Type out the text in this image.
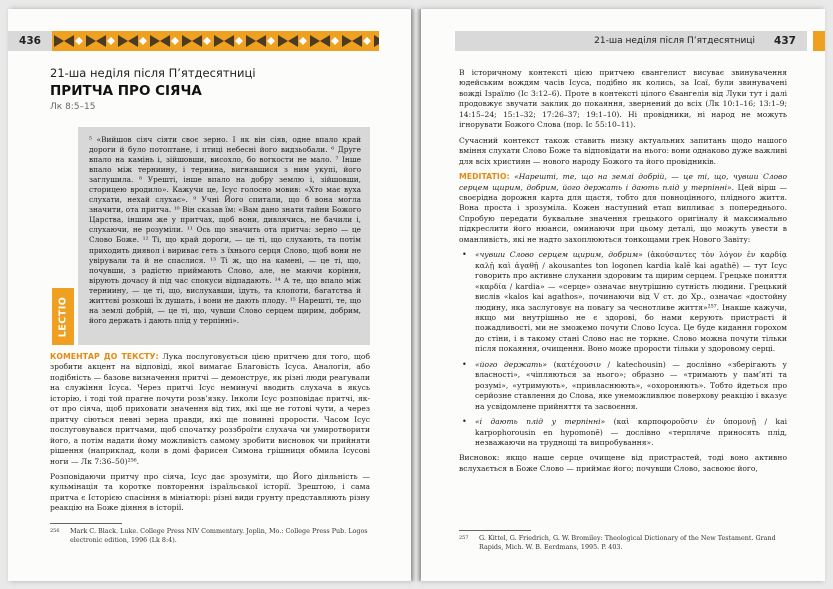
436
21-ша неділя після П’ятдесятниці
ПРИТЧА ПРО СІЯЧА
Лк 8:5–15

⁵ «Вийшов сіяч сіяти своє зерно. І як він сіяв, одне впало край дороги й було потоптане, і птиці небесні його видзьобали. ⁶ Друге впало на камінь і, зійшовши, висохло, бо вогкости не мало. ⁷ Інше впало між терниину, і тернина, вигнавшися з ним укупі, його заглушила. ⁸ Урешті, інше впало на добру землю і, зійшовши, сторицею вродило». Кажучи це, Ісус голосно мовив: «Хто має вуха слухати, нехай слухає». ⁹ Учні Його спитали, що б вона могла значити, ота притча. ¹⁰ Він сказав їм: «Вам дано знати тайни Божого Царства, іншим же у притчах, щоб вони, дивлячись, не бачили і, слухаючи, не розуміли. ¹¹ Ось що значить ота притча: зерно — це Слово Боже. ¹² Ті, що край дороги, — це ті, що слухають, та потім приходить диявол і вириває геть з їхнього серця Слово, щоб вони не увірували та й не спаслися. ¹³ Ті ж, що на камені, — це ті, що, почувши, з радістю приймають Слово, але, не маючи коріння, вірують дочасу й під час спокуси відпадають. ¹⁴ А те, що впало між терниину, — це ті, що, вислухавши, ідуть, та клопоти, багатства й життєві розкоші їх душать, і вони не дають плоду. ¹⁵ Нарешті, те, що на землі добрій, — це ті, що, чувши Слово серцем щирим, добрим, його держать і дають плід у терпінні».

LECTIO

КОМЕНТАР ДО ТЕКСТУ: Лука послуговується цією притчею для того, щоб зробити акцент на відповіді, якої вимагає Благовість Ісуса. Аналогія, або подібність — базове визначення притчі — демонструє, як різні люди реагували на служіння Ісуса. Через притчі Ісус неминучі вводить слухача в якусь історію, і тоді той прагне почути розв’язку. Інколи Ісус розповідає притчі, як-от про сіяча, щоб приховати значення від тих, які ще не готові чути, а через притчу сіються певні зерна правди, які ще повинні прорости. Часом Ісус послуговувався притчами, щоб спочатку роззброїти слухача чи умиротворити його, а потім надати йому можливість самому зробити висновок чи прийняти рішення (наприклад, коли в домі фарисея Симона грішниця обмила Ісусові ноги — Лк 7:36–50)²⁵⁶.

Розповідаючи притчу про сіяча, Ісус дає зрозуміти, що Його діяльність — кульмінація та коротке повторення ізраїльської історії. Зрештою, і сама притча є Історією спасіння в мініатюрі: різні види грунту представляють різну реакцію на Боже діяння в історії.

256	Mark C. Black. Luke. College Press NIV Commentary. Joplin, Mo.: College Press Pub. Logos electronic edition, 1996 (Lk 8:4).
21-ша неділя після П’ятдесятниці	437

В історичному контексті цією притчею євангелист висуває звинувачення юдейським вождям часів Ісуса, подібно як колись, за Ісаї, були звинувачені вожді Ізраїлю (Іс 3:12–6). Проте в контексті цілого Євангелія від Луки тут і далі продовжує звучати заклик до покаяння, звернений до всіх (Лк 10:1–16; 13:1–9; 14:15–24; 15:1–32; 17:26–37; 19:1–10). Ні провідники, ні народ не можуть ігнорувати Божого Слова (пор. Іс 55:10–11).

Сучасний контекст також ставить низку актуальних запитань щодо нашого вміння слухати Слово Боже та відповідати на нього: вони однаково дуже важливі для всіх християн — нового народу Божого та його провідників.

MEDITATIO: «Нарешті, те, що на землі добрій, — це ті, що, чувши Слово серцем щирим, добрим, його держать і дають плід у терпінні». Цей вірш — своєрідна дорожня карта для щастя, тобто для повноцінного, плідного життя. Вона проста і зрозуміла. Кожен наступний етап випливає з попереднього. Спробую передати буквальне значення грецького оригіналу й максимально підкреслити його нюанси, оминаючи при цьому деталі, що можуть увести в оманливість, які не надто захоплюються тонкощами грек Нового Завіту:

• «чувши Слово серцем щирим, добрим» (ἀκούσαντες τὸν λόγον ἐν καρδίᾳ καλῇ καὶ ἀγαθῇ / akousantes ton logonen kardia kalē kai agathē) — тут Ісус говорить про активне слухання здоровим та щирим серцем. Грецьке поняття «καρδία / kardia» — «серце» означає внутрішню сутність людини. Грецький вислів «kalos kai agathos», починаючи від V ст. до Хр., означає «достойну людину, яка заслуговує на повагу за чеснотливе життя»²⁵⁷. Інакше кажучи, якщо ми внутрішньо не є здорові, бо нами керують пристрасті й пожадливості, ми не зможемо почути Слово Ісуса. Це буде кидання горохом до стіни, і в такому стані Слово нас не торкне. Слово можна почути тільки після покаяння, очищення. Воно може прорости тільки у здоровому серці.
• «його держать» (κατέχουσιν / katechousin) — дослівно «зберігають у власності», «чіпляються за нього»; образно — «тримають у пам’яті та розумі», «утримують», «привласнюють», «охороняють». Тобто йдеться про серйозне ставлення до Слова, яке унеможливлює поверхову реакцію і вказує на усвідомлене прийняття та засвоєння.
• «і дають плід у терпінні» (καὶ καρποφοροῦσιν ἐν ὑπομονῇ / kai karpophorousin en hypomonē) — дослівно «терпляче приносять плід, незважаючи на труднощі та випробування».

Висновок: якщо наше серце очищене від пристрастей, тоді воно активно вслухається в Боже Слово — приймає його; почувши Слово, засвоює його,

257	G. Kittel, G. Friedrich, G. W. Bromiley: Theological Dictionary of the New Testament. Grand Rapids, Mich. W. B. Eerdmans, 1995. P. 403.
